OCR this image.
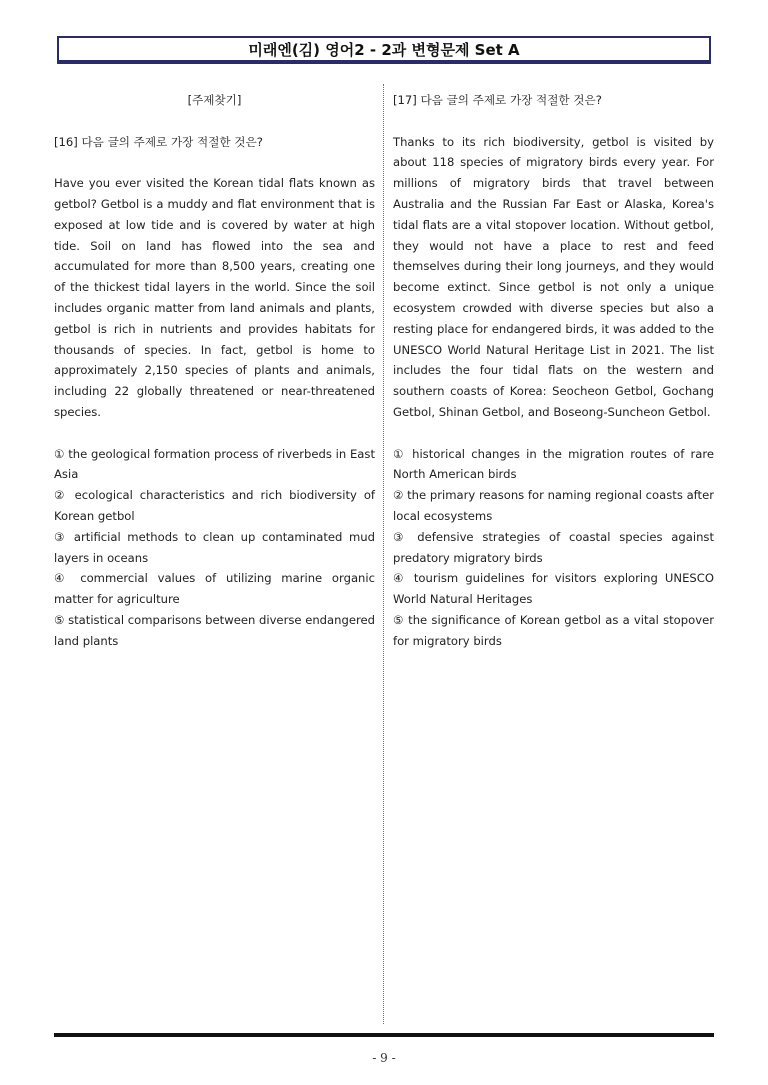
미래엔(김) 영어2 - 2과 변형문제 Set A

[주제찾기]

[16] 다음 글의 주제로 가장 적절한 것은?

Have you ever visited the Korean tidal flats known as getbol? Getbol is a muddy and flat environment that is exposed at low tide and is covered by water at high tide. Soil on land has flowed into the sea and accumulated for more than 8,500 years, creating one of the thickest tidal layers in the world. Since the soil includes organic matter from land animals and plants, getbol is rich in nutrients and provides habitats for thousands of species. In fact, getbol is home to approximately 2,150 species of plants and animals, including 22 globally threatened or near-threatened species.

① the geological formation process of riverbeds in East Asia

② ecological characteristics and rich biodiversity of Korean getbol

③ artificial methods to clean up contaminated mud layers in oceans

④ commercial values of utilizing marine organic matter for agriculture

⑤ statistical comparisons between diverse endangered land plants

[17] 다음 글의 주제로 가장 적절한 것은?

Thanks to its rich biodiversity, getbol is visited by about 118 species of migratory birds every year. For millions of migratory birds that travel between Australia and the Russian Far East or Alaska, Korea's tidal flats are a vital stopover location. Without getbol, they would not have a place to rest and feed themselves during their long journeys, and they would become extinct. Since getbol is not only a unique ecosystem crowded with diverse species but also a resting place for endangered birds, it was added to the UNESCO World Natural Heritage List in 2021. The list includes the four tidal flats on the western and southern coasts of Korea: Seocheon Getbol, Gochang Getbol, Shinan Getbol, and Boseong-Suncheon Getbol.

① historical changes in the migration routes of rare North American birds

② the primary reasons for naming regional coasts after local ecosystems

③ defensive strategies of coastal species against predatory migratory birds

④ tourism guidelines for visitors exploring UNESCO World Natural Heritages

⑤ the significance of Korean getbol as a vital stopover for migratory birds

- 9 -
